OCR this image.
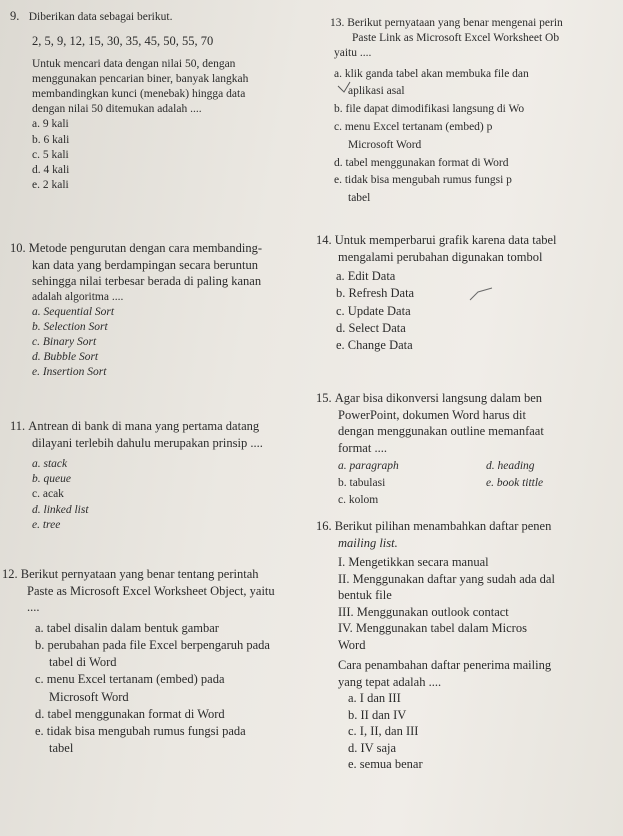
9. Diberikan data sebagai berikut.
2, 5, 9, 12, 15, 30, 35, 45, 50, 55, 70
Untuk mencari data dengan nilai 50, dengan
menggunakan pencarian biner, banyak langkah
membandingkan kunci (menebak) hingga data
dengan nilai 50 ditemukan adalah ....
a. 9 kali
b. 6 kali
c. 5 kali
d. 4 kali
e. 2 kali
10. Metode pengurutan dengan cara membanding-
kan data yang berdampingan secara beruntun
sehingga nilai terbesar berada di paling kanan
adalah algoritma ....
a. Sequential Sort
b. Selection Sort
c. Binary Sort
d. Bubble Sort
e. Insertion Sort
11. Antrean di bank di mana yang pertama datang
dilayani terlebih dahulu merupakan prinsip ....
a. stack
b. queue
c. acak
d. linked list
e. tree
12. Berikut pernyataan yang benar tentang perintah
Paste as Microsoft Excel Worksheet Object, yaitu
....
a. tabel disalin dalam bentuk gambar
b. perubahan pada file Excel berpengaruh pada
tabel di Word
c. menu Excel tertanam (embed) pada
Microsoft Word
d. tabel menggunakan format di Word
e. tidak bisa mengubah rumus fungsi pada
tabel
13. Berikut pernyataan yang benar mengenai perin
Paste Link as Microsoft Excel Worksheet Ob
yaitu ....
a. klik ganda tabel akan membuka file dan
aplikasi asal
b. file dapat dimodifikasi langsung di Wo
c. menu Excel tertanam (embed) p
Microsoft Word
d. tabel menggunakan format di Word
e. tidak bisa mengubah rumus fungsi p
tabel
14. Untuk memperbarui grafik karena data tabel
mengalami perubahan digunakan tombol
a. Edit Data
b. Refresh Data
c. Update Data
d. Select Data
e. Change Data
15. Agar bisa dikonversi langsung dalam ben
PowerPoint, dokumen Word harus dit
dengan menggunakan outline memanfaat
format ....
a. paragraph	d. heading
b. tabulasi	e. book tittle
c. kolom
16. Berikut pilihan menambahkan daftar penen
mailing list.
I. Mengetikkan secara manual
II. Menggunakan daftar yang sudah ada dal
bentuk file
III. Menggunakan outlook contact
IV. Menggunakan tabel dalam Micros
Word
Cara penambahan daftar penerima mailing
yang tepat adalah ....
a. I dan III
b. II dan IV
c. I, II, dan III
d. IV saja
e. semua benar
